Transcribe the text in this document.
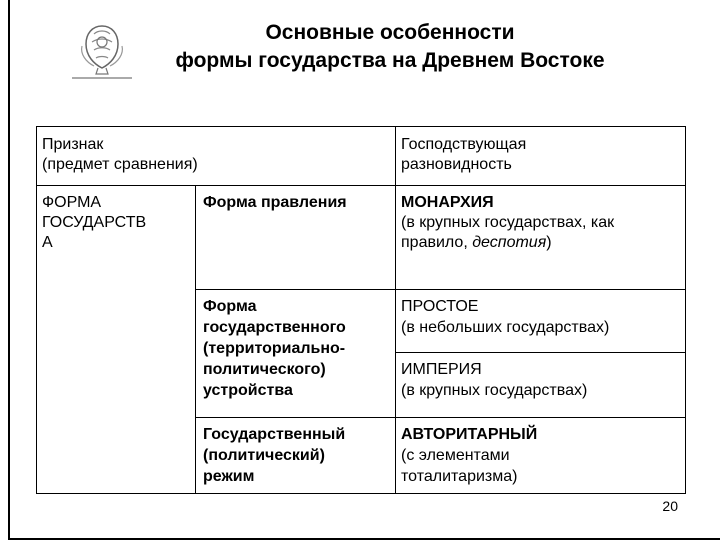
Основные особенности
формы государства на Древнем Востоке
Признак
(предмет сравнения)
Господствующая
разновидность
ФОРМА
ГОСУДАРСТВ
А
Форма правления	МОНАРХИЯ
(в крупных государствах, как
правило, деспотия)
Форма
государственного
(территориально-
политического)
устройства
ПРОСТОЕ
(в небольших государствах)
ИМПЕРИЯ
(в крупных государствах)
Государственный
(политический)
режим
АВТОРИТАРНЫЙ
(с элементами
тоталитаризма)
20
